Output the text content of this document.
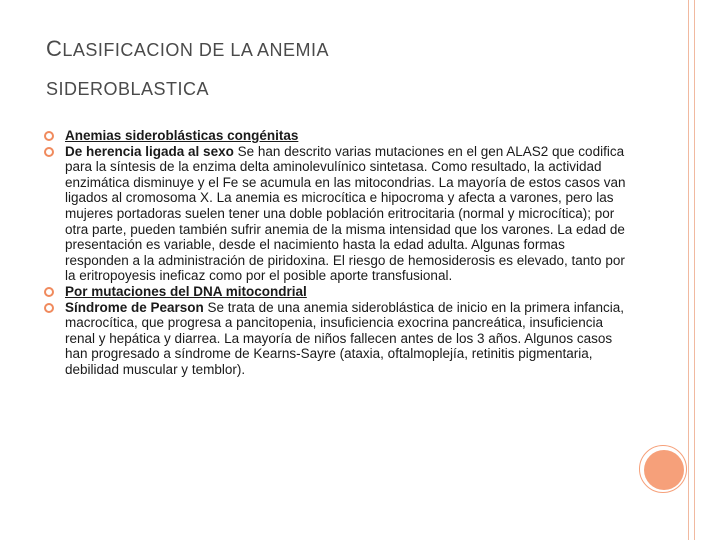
CLASIFICACION DE LA ANEMIA
SIDEROBLASTICA
Anemias sideroblásticas congénitas
De herencia ligada al sexo Se han descrito varias mutaciones en el gen ALAS2 que codifica para la síntesis de la enzima delta aminolevulínico sintetasa. Como resultado, la actividad enzimática disminuye y el Fe se acumula en las mitocondrias. La mayoría de estos casos van ligados al cromosoma X. La anemia es microcítica e hipocroma y afecta a varones, pero las mujeres portadoras suelen tener una doble población eritrocitaria (normal y microcítica); por otra parte, pueden también sufrir anemia de la misma intensidad que los varones. La edad de presentación es variable, desde el nacimiento hasta la edad adulta. Algunas formas responden a la administración de piridoxina. El riesgo de hemosiderosis es elevado, tanto por la eritropoyesis ineficaz como por el posible aporte transfusional.
Por mutaciones del DNA mitocondrial
Síndrome de Pearson Se trata de una anemia sideroblástica de inicio en la primera infancia, macrocítica, que progresa a pancitopenia, insuficiencia exocrina pancreática, insuficiencia renal y hepática y diarrea. La mayoría de niños fallecen antes de los 3 años. Algunos casos han progresado a síndrome de Kearns-Sayre (ataxia, oftalmoplejía, retinitis pigmentaria, debilidad muscular y temblor).
